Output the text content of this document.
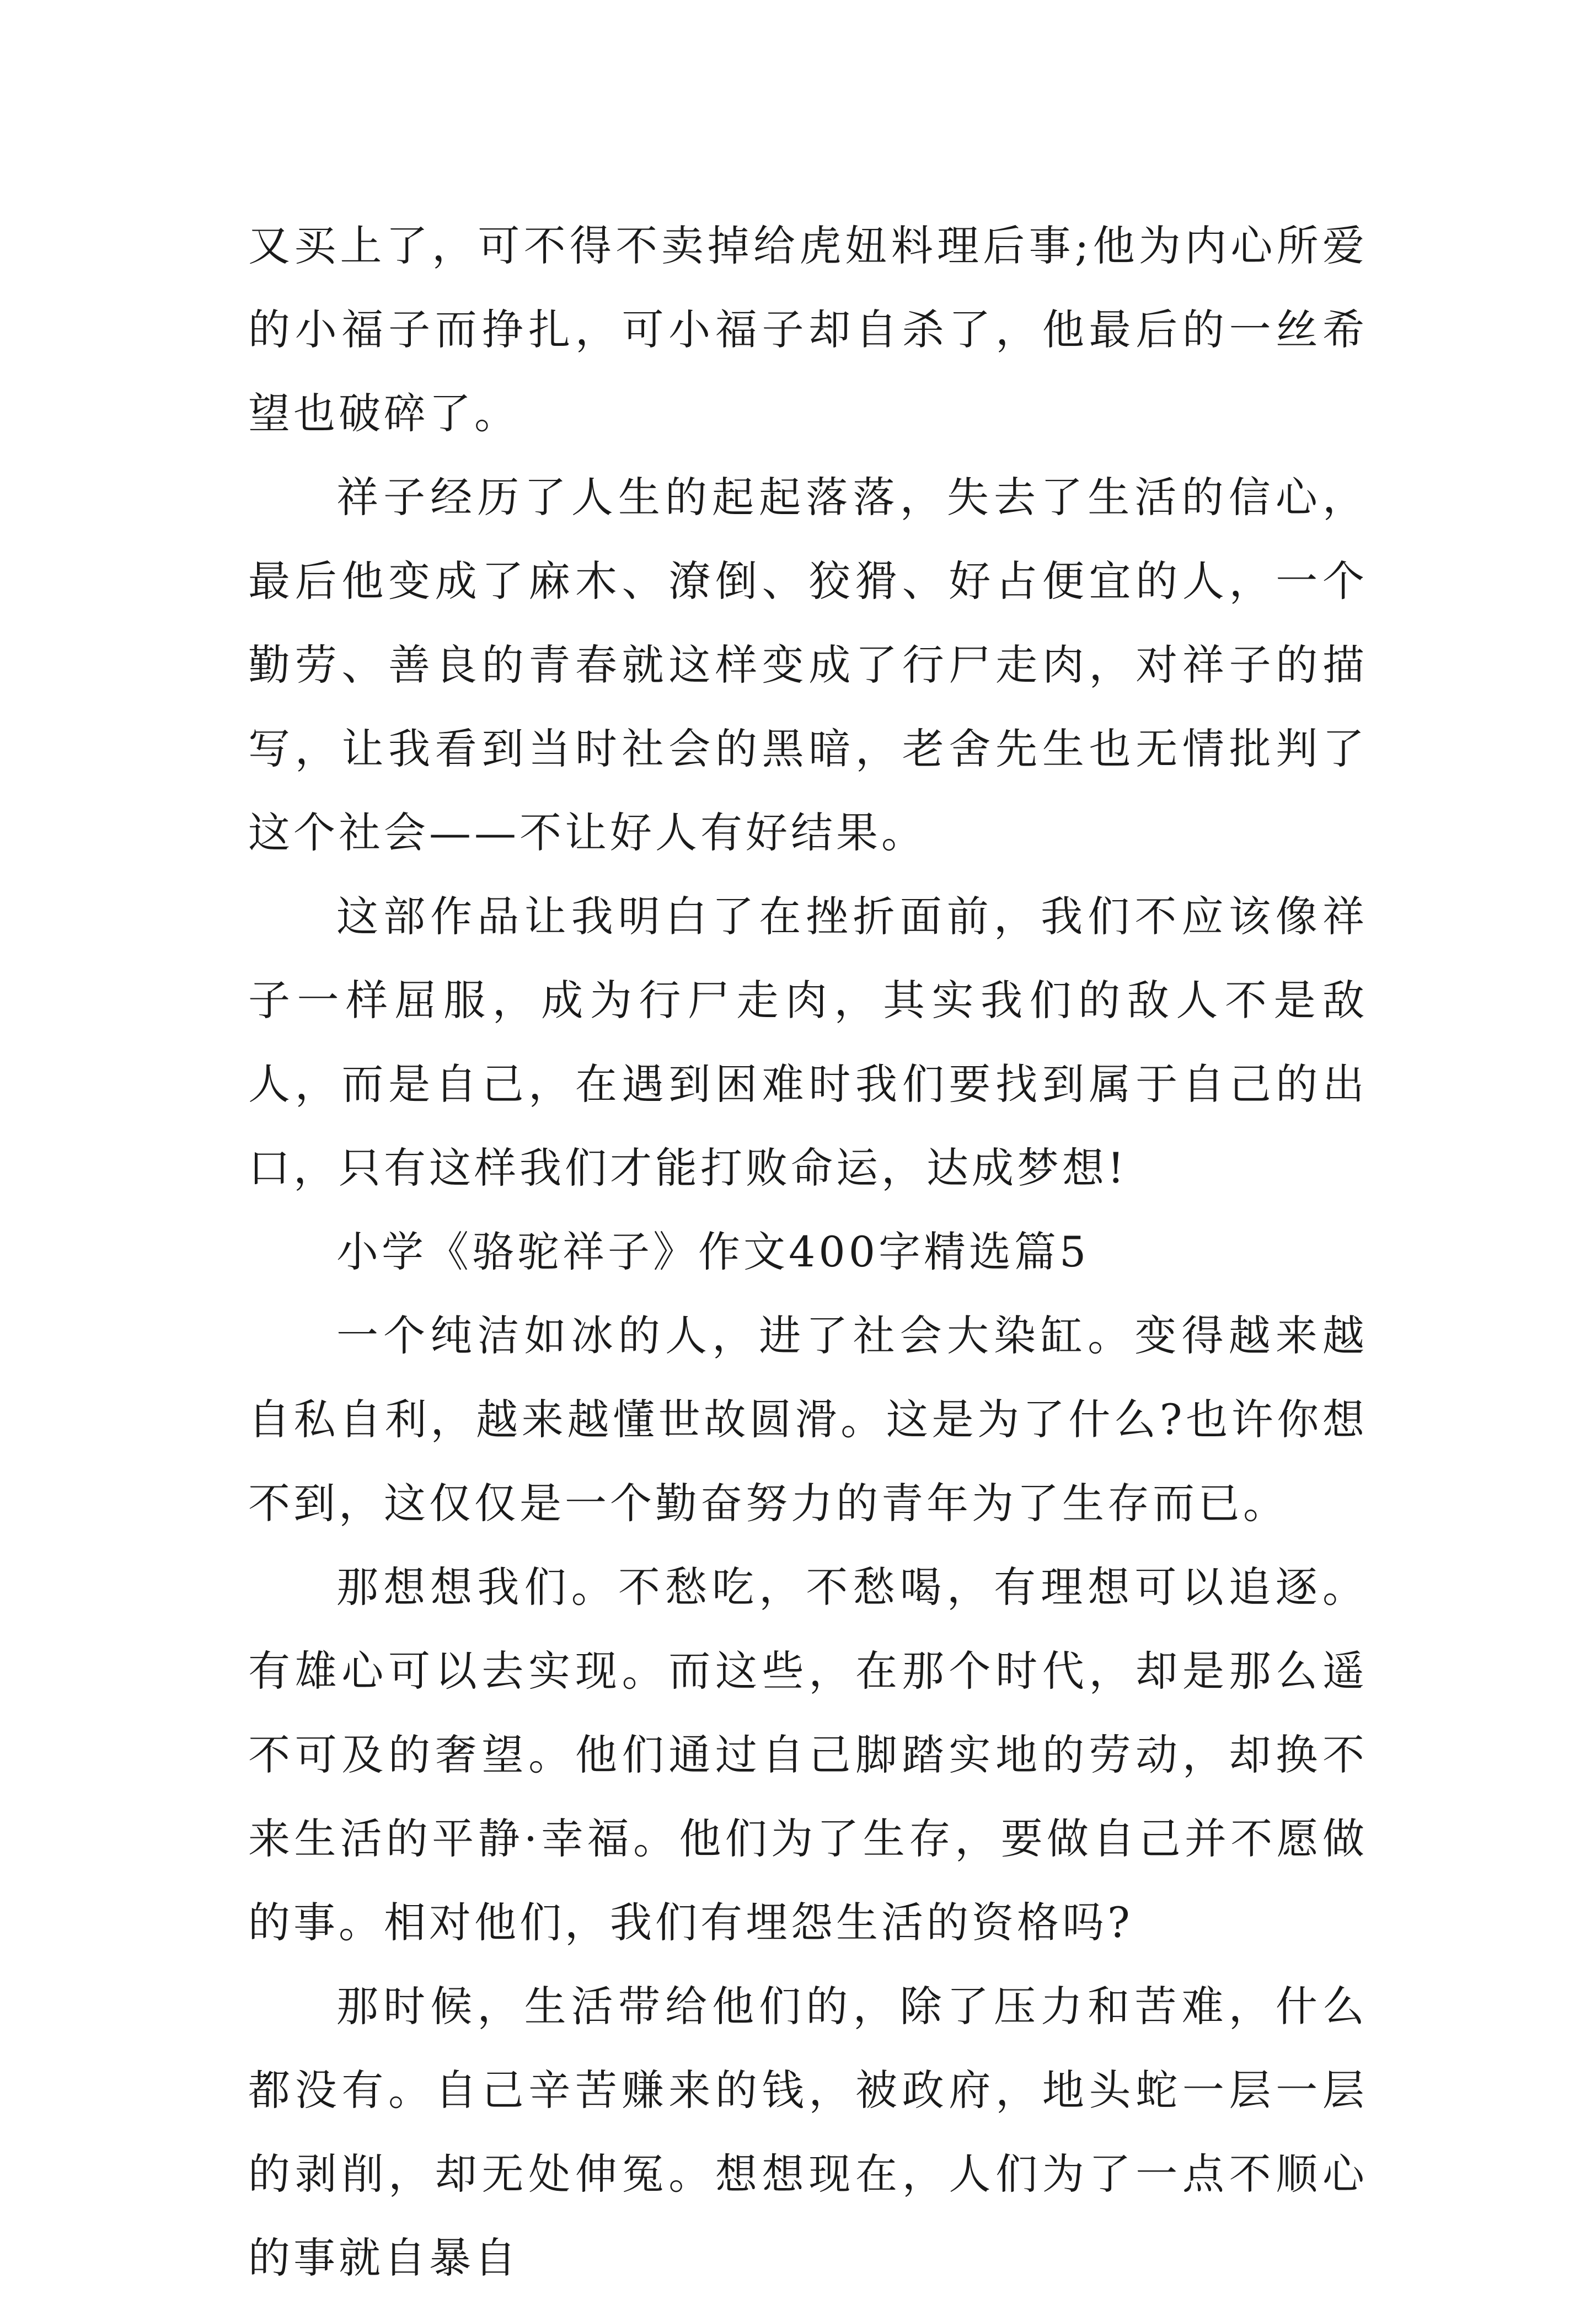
又买上了，可不得不卖掉给虎妞料理后事;他为内心所爱的小福子而挣扎，可小福子却自杀了，他最后的一丝希望也破碎了。

祥子经历了人生的起起落落，失去了生活的信心，最后他变成了麻木、潦倒、狡猾、好占便宜的人，一个勤劳、善良的青春就这样变成了行尸走肉，对祥子的描写，让我看到当时社会的黑暗，老舍先生也无情批判了这个社会——不让好人有好结果。

这部作品让我明白了在挫折面前，我们不应该像祥子一样屈服，成为行尸走肉，其实我们的敌人不是敌人，而是自己，在遇到困难时我们要找到属于自己的出口，只有这样我们才能打败命运，达成梦想!

小学《骆驼祥子》作文400字精选篇5

一个纯洁如冰的人，进了社会大染缸。变得越来越自私自利，越来越懂世故圆滑。这是为了什么?也许你想不到，这仅仅是一个勤奋努力的青年为了生存而已。

那想想我们。不愁吃，不愁喝，有理想可以追逐。有雄心可以去实现。而这些，在那个时代，却是那么遥不可及的奢望。他们通过自己脚踏实地的劳动，却换不来生活的平静·幸福。他们为了生存，要做自己并不愿做的事。相对他们，我们有埋怨生活的资格吗?

那时候，生活带给他们的，除了压力和苦难，什么都没有。自己辛苦赚来的钱，被政府，地头蛇一层一层的剥削，却无处伸冤。想想现在，人们为了一点不顺心的事就自暴自
